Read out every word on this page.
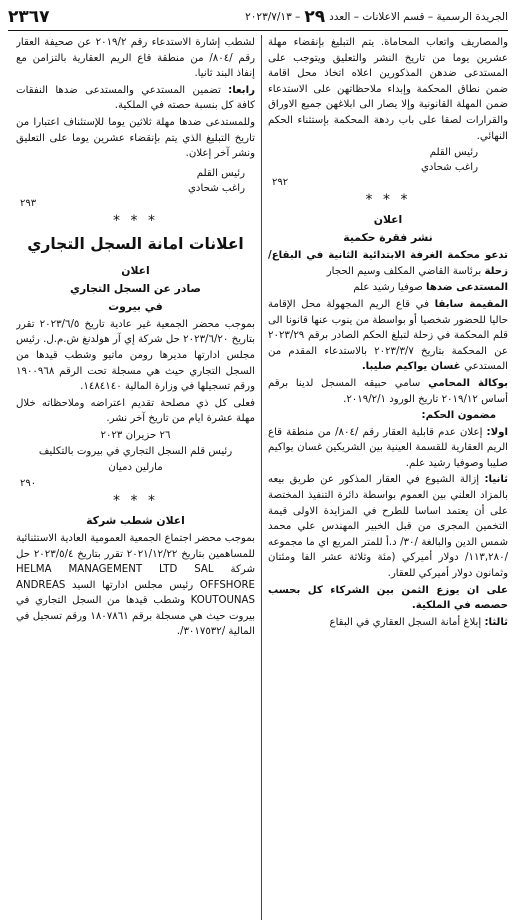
الجريدة الرسمية – قسم الاعلانات – العدد
٢٩
– ٢٠٢٣/٧/١٣
٢٣٦٧

والمصاريف واتعاب المحاماة. يتم التبليغ بإنقضاء مهلة عشرين يوما من تاريخ النشر والتعليق ويتوجب على المستدعى ضدهن المذكورين اعلاه اتخاذ محل اقامة ضمن نطاق المحكمة وإبداء ملاحظاتهن على الاستدعاء ضمن المهلة القانونية وإلا يصار الى ابلاغهن جميع الاوراق والقرارات لصقا على باب ردهة المحكمة بإستثناء الحكم النهائي.

رئيس القلم
راغب شحادي
٢٩٢
* * *
اعلان
نشر فقرة حكمية

تدعو محكمة الغرفة الابتدائية الثانية في البقاع/ زحلة برئاسة القاضي المكلف وسيم الحجار

المستدعى ضدها صوفيا رشيد علم

المقيمة سابقا في قاع الريم المجهولة محل الإقامة حاليا للحضور شخصيا أو بواسطة من ينوب عنها قانونا الى قلم المحكمة في زحلة لتبلغ الحكم الصادر برقم ٢٠٢٣/٢٩ عن المحكمة بتاريخ ٢٠٢٣/٣/٧ بالاستدعاء المقدم من المستدعي غسان يواكيم صليبا.

بوكالة المحامي سامي حبيقه المسجل لدينا برقم أساس ٢٠١٩/١٢ تاريخ الورود ٢٠١٩/٢/١.

مضمون الحكم:

اولا: إعلان عدم قابلية العقار رقم /٨٠٤/ من منطقة قاع الريم العقارية للقسمة العينية بين الشريكين غسان يواكيم صليبا وصوفيا رشيد علم.

ثانيا: إزالة الشيوع في العقار المذكور عن طريق بيعه بالمزاد العلني بين العموم بواسطة دائرة التنفيذ المختصة على أن يعتمد اساسا للطرح في المزايدة الاولى قيمة التخمين المجرى من قبل الخبير المهندس علي محمد شمس الدين والبالغة /٣٠/ د.أ للمتر المربع اي ما مجموعه /١١٣,٢٨٠/ دولار أميركي (مئة وثلاثة عشر الفا ومئتان وثمانون دولار أميركي للعقار.

على ان يوزع الثمن بين الشركاء كل بحسب حصصه في الملكية.

ثالثا: إبلاغ أمانة السجل العقاري في البقاع

لشطب إشارة الاستدعاء رقم ٢٠١٩/٢ عن صحيفة العقار رقم /٨٠٤/ من منطقة قاع الريم العقارية بالتزامن مع إنفاذ البند ثانيا.

رابعا: تضمين المستدعي والمستدعى ضدها النفقات كافة كل بنسبة حصته في الملكية.

وللمستدعى ضدها مهلة ثلاثين يوما للإستئناف اعتبارا من تاريخ التبليغ الذي يتم بإنقضاء عشرين يوما على التعليق ونشر آخر إعلان.

رئيس القلم
راغب شحادي
٢٩٣
* * *
اعلانات امانة السجل التجاري
اعلان
صادر عن السجل التجاري
في بيروت

بموجب محضر الجمعية غير عادية تاريخ ٢٠٢٣/٦/٥ تقرر بتاريخ ٢٠٢٣/٦/٢٠ حل شركة إي آر هولدنغ ش.م.ل. رئيس مجلس ادارتها مديرها رومن ماتيو وشطب قيدها من السجل التجاري حيث هي مسجلة تحت الرقم ١٩٠٠٩٦٨ ورقم تسجيلها في وزارة المالية ١٤٨٤١٤٠.

فعلى كل ذي مصلحة تقديم اعتراضه وملاحظاته خلال مهلة عشرة ايام من تاريخ آخر نشر.

٢٦ حزيران ٢٠٢٣
رئيس قلم السجل التجاري في بيروت بالتكليف
مارلين دميان
٢٩٠
* * *
اعلان شطب شركة

بموجب محضر اجتماع الجمعية العمومية العادية الاستثنائية للمساهمين بتاريخ ٢٠٢١/١٢/٢٢ تقرر بتاريخ ٢٠٢٣/٥/٤ حل شركة HELMA MANAGEMENT LTD SAL OFFSHORE رئيس مجلس ادارتها السيد ANDREAS KOUTOUNAS وشطب قيدها من السجل التجاري في بيروت حيث هي مسجلة برقم ١٨٠٧٨٦١ ورقم تسجيل في المالية /٣٠١٧٥٣٢/.
